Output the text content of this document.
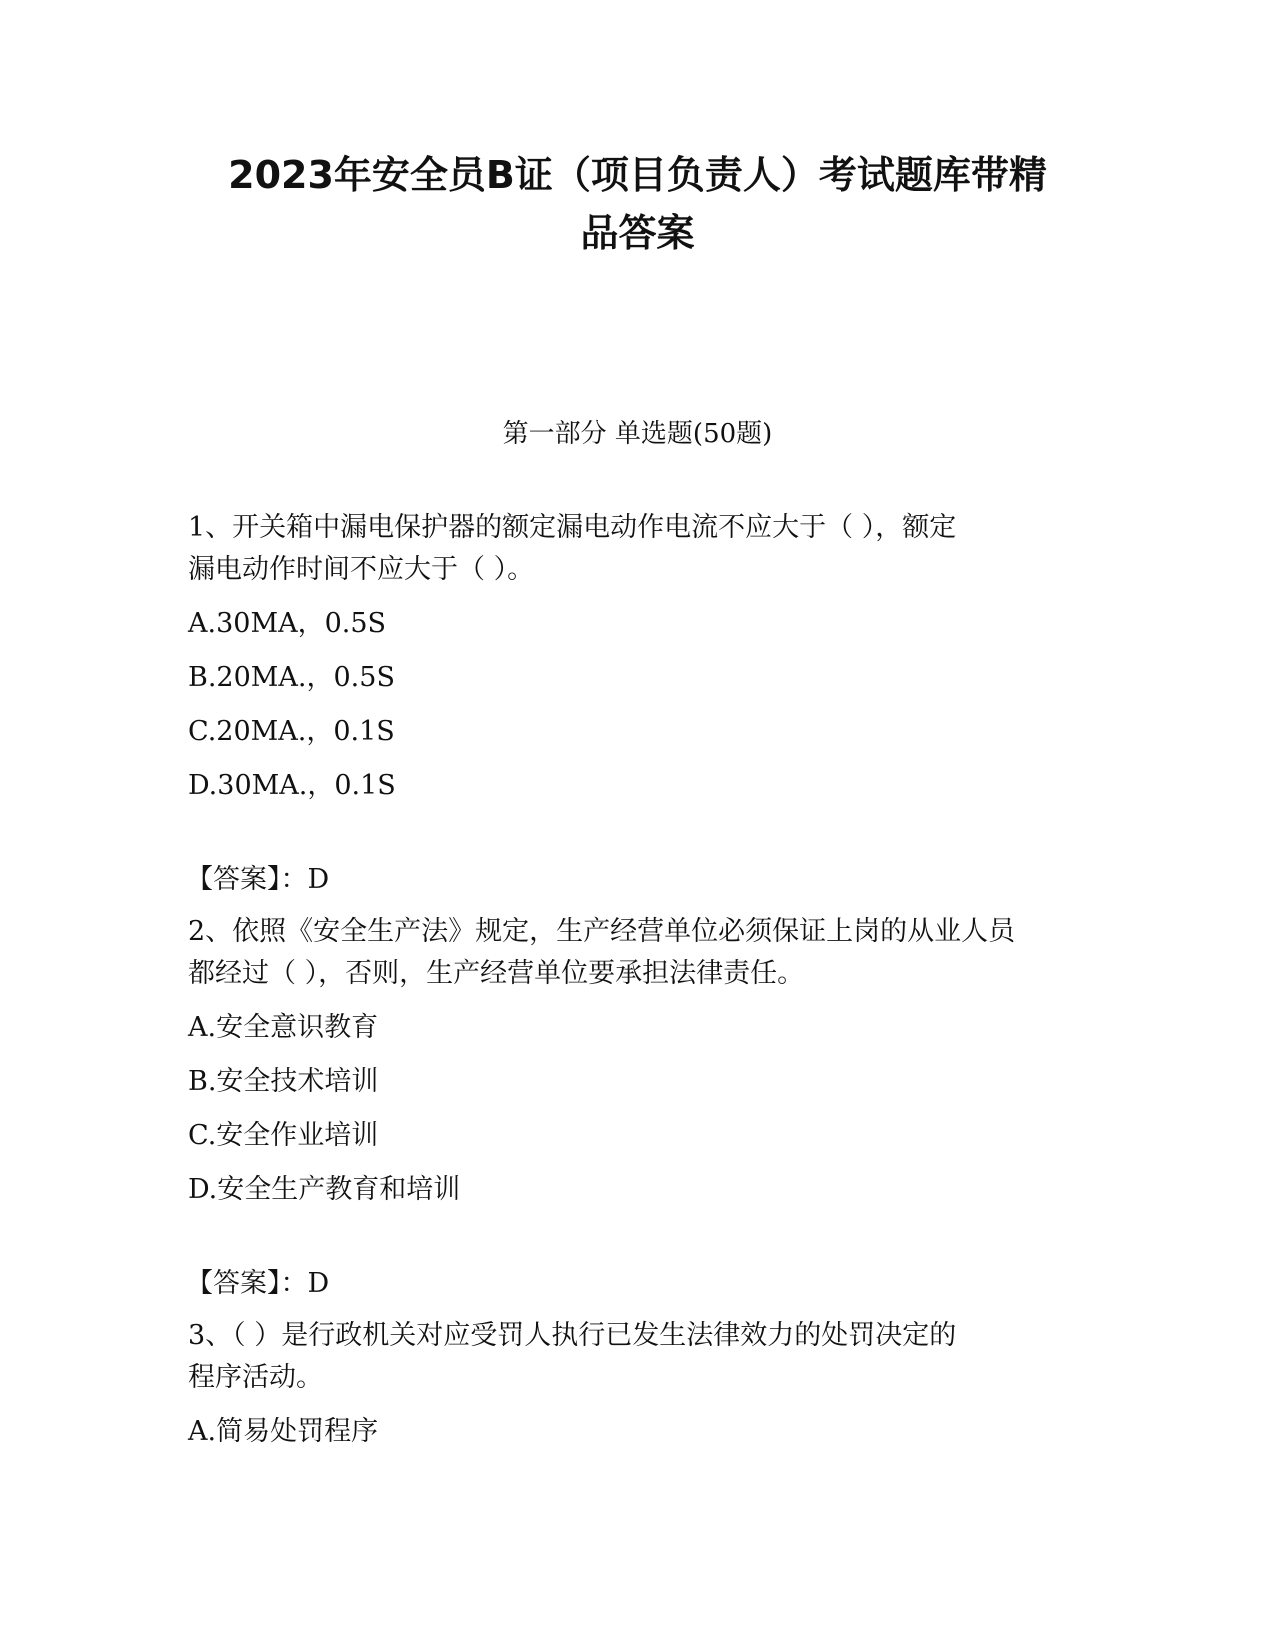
2023年安全员B证（项目负责人）考试题库带精
品答案

第一部分 单选题(50题)

1、开关箱中漏电保护器的额定漏电动作电流不应大于（ ），额定

漏电动作时间不应大于（ ）。

A.30MA，0.5S

B.20MA.，0.5S

C.20MA.，0.1S

D.30MA.，0.1S

【答案】：D

2、依照《安全生产法》规定，生产经营单位必须保证上岗的从业人员

都经过（ ），否则，生产经营单位要承担法律责任。

A.安全意识教育

B.安全技术培训

C.安全作业培训

D.安全生产教育和培训

【答案】：D

3、（ ）是行政机关对应受罚人执行已发生法律效力的处罚决定的

程序活动。

A.简易处罚程序
